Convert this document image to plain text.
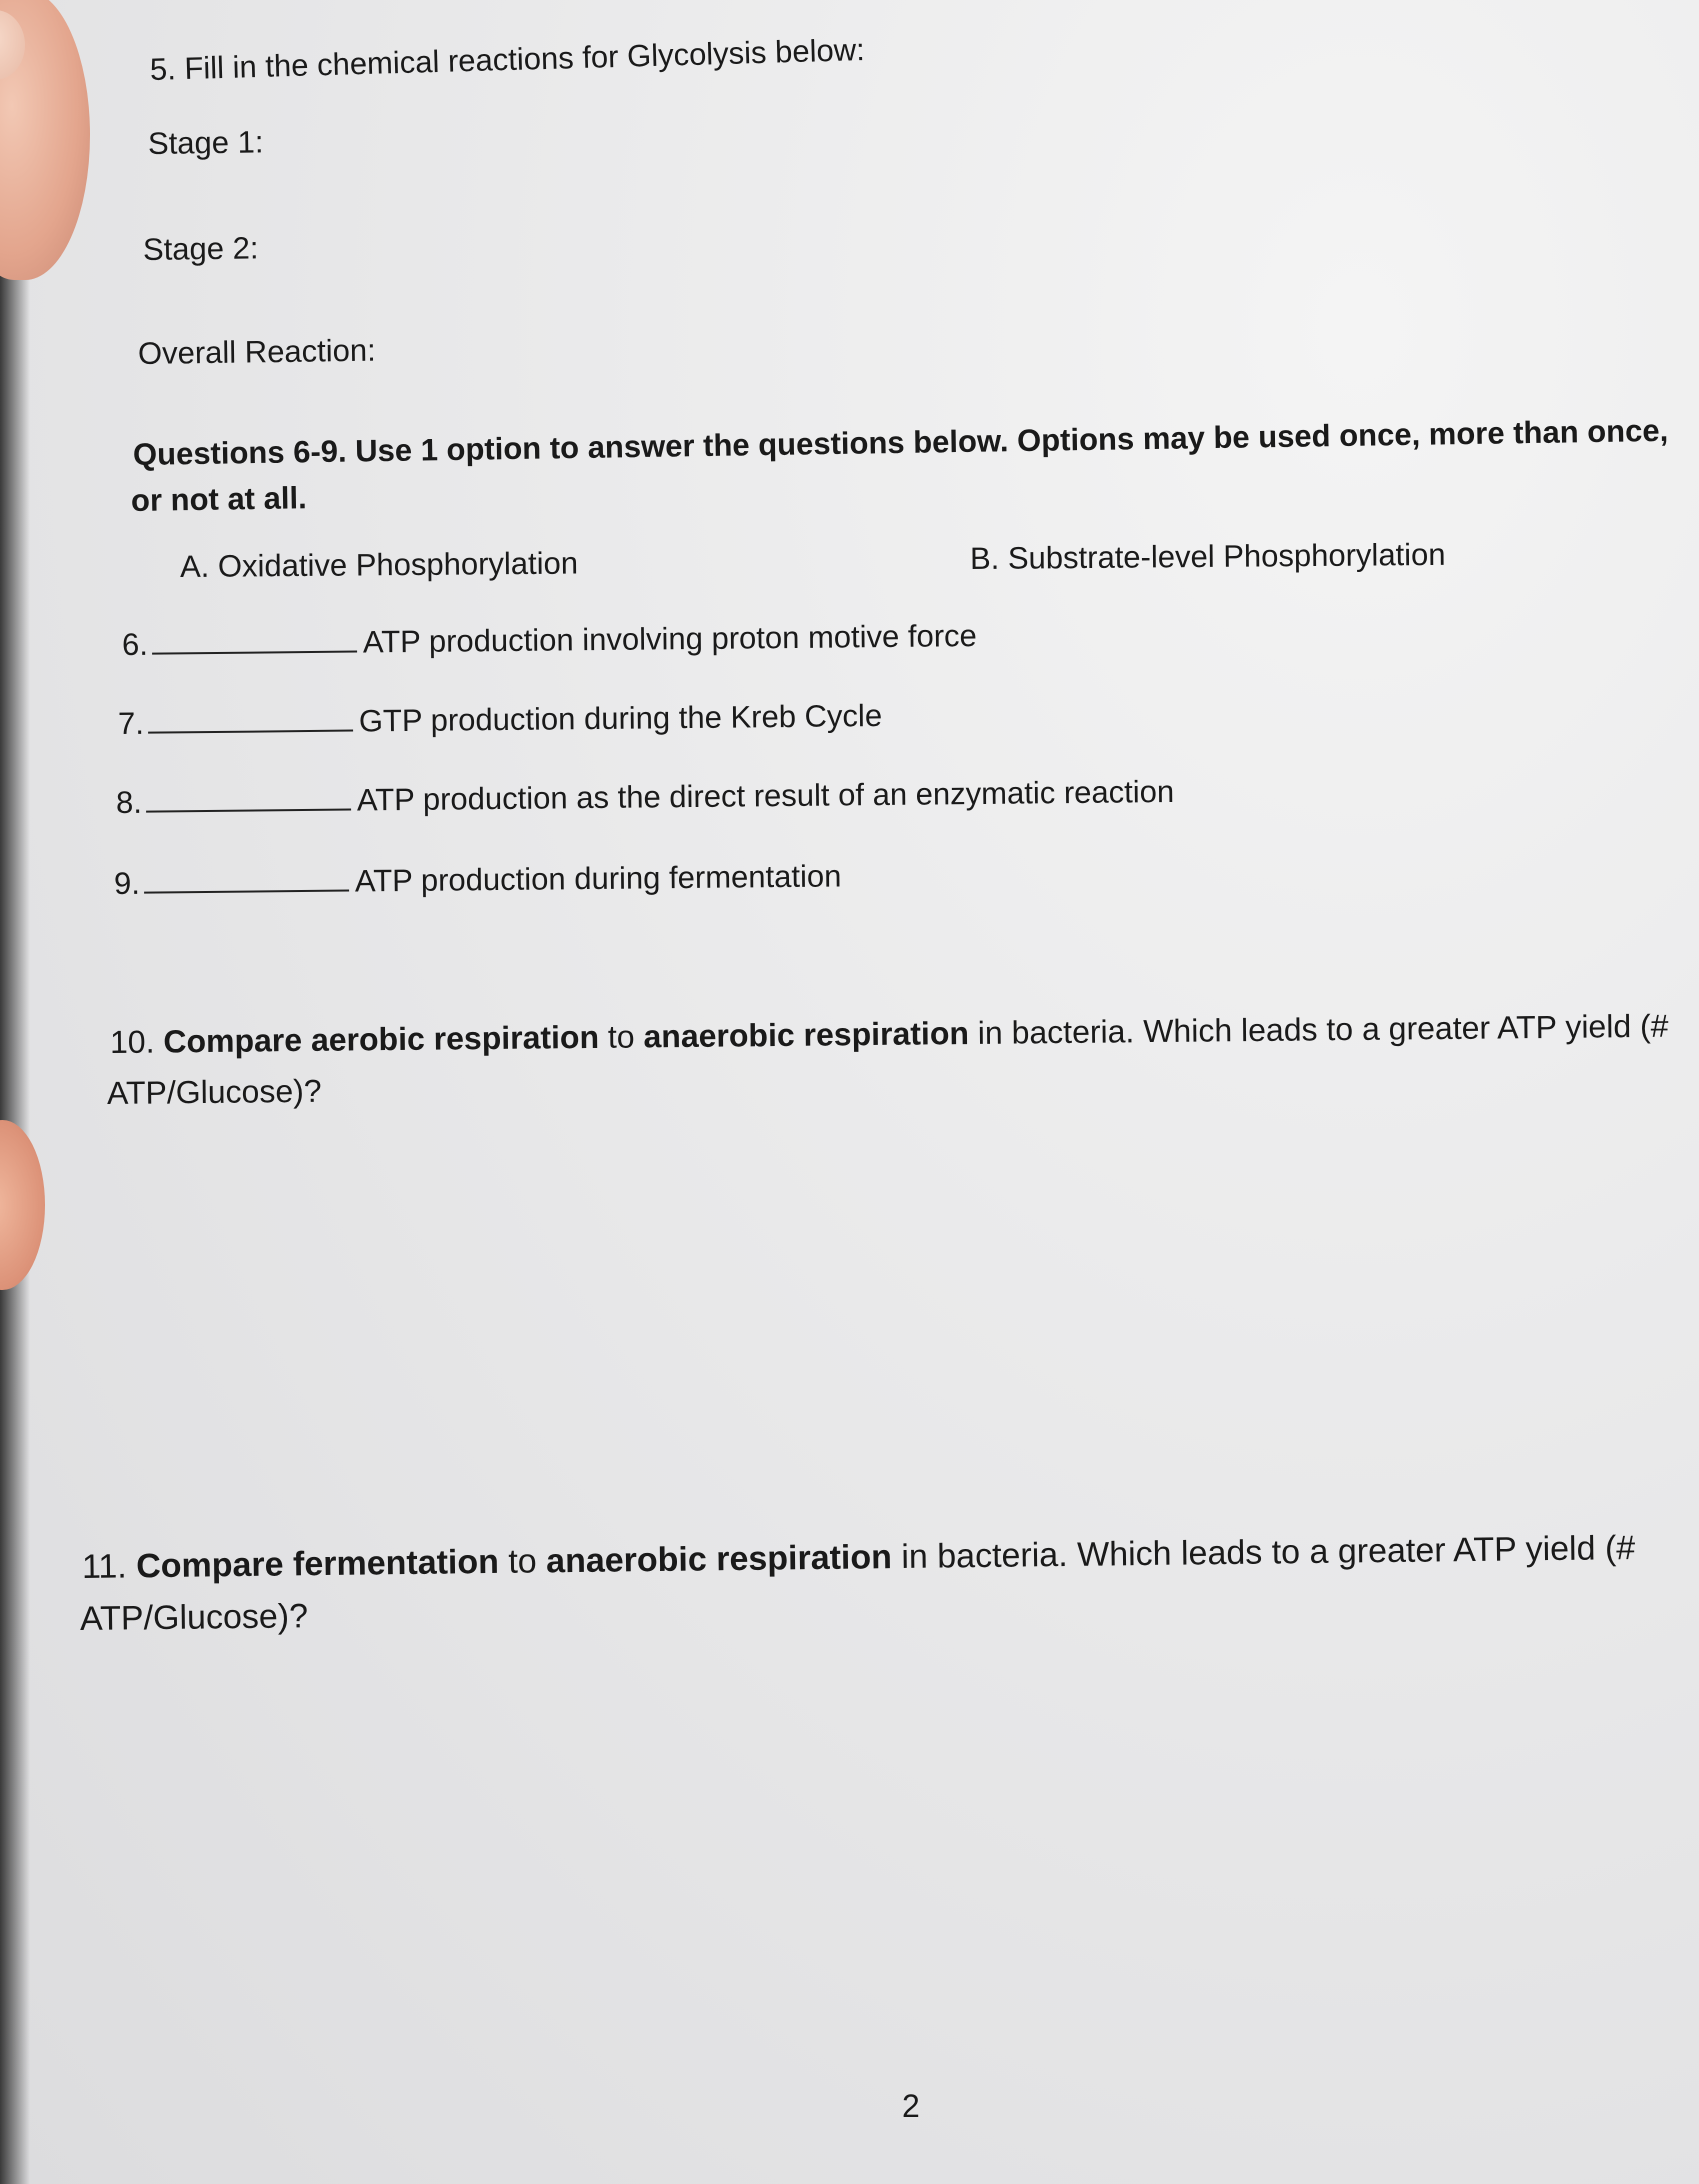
5. Fill in the chemical reactions for Glycolysis below:
Stage 1:
Stage 2:
Overall Reaction:
Questions 6-9. Use 1 option to answer the questions below. Options may be used once, more than once,
or not at all.
A. Oxidative Phosphorylation	B. Substrate-level Phosphorylation
6.	ATP production involving proton motive force
7.	GTP production during the Kreb Cycle
8.	ATP production as the direct result of an enzymatic reaction
9.	ATP production during fermentation
10. Compare aerobic respiration to anaerobic respiration in bacteria. Which leads to a greater ATP yield (#
ATP/Glucose)?
11. Compare fermentation to anaerobic respiration in bacteria. Which leads to a greater ATP yield (#
ATP/Glucose)?
2
